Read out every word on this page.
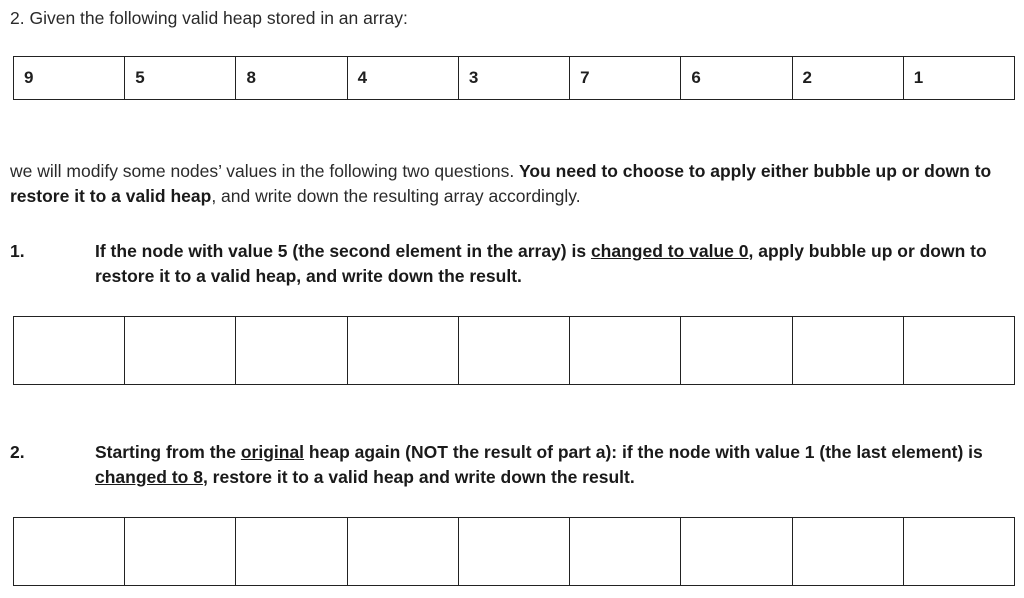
2. Given the following valid heap stored in an array:
9	5	8	4	3	7	6	2	1
we will modify some nodes’ values in the following two questions. You need to choose to apply either bubble up or down to restore it to a valid heap, and write down the resulting array accordingly.
1.	If the node with value 5 (the second element in the array) is changed to value 0, apply bubble up or down to restore it to a valid heap, and write down the result.

2.	Starting from the original heap again (NOT the result of part a): if the node with value 1 (the last element) is changed to 8, restore it to a valid heap and write down the result.
